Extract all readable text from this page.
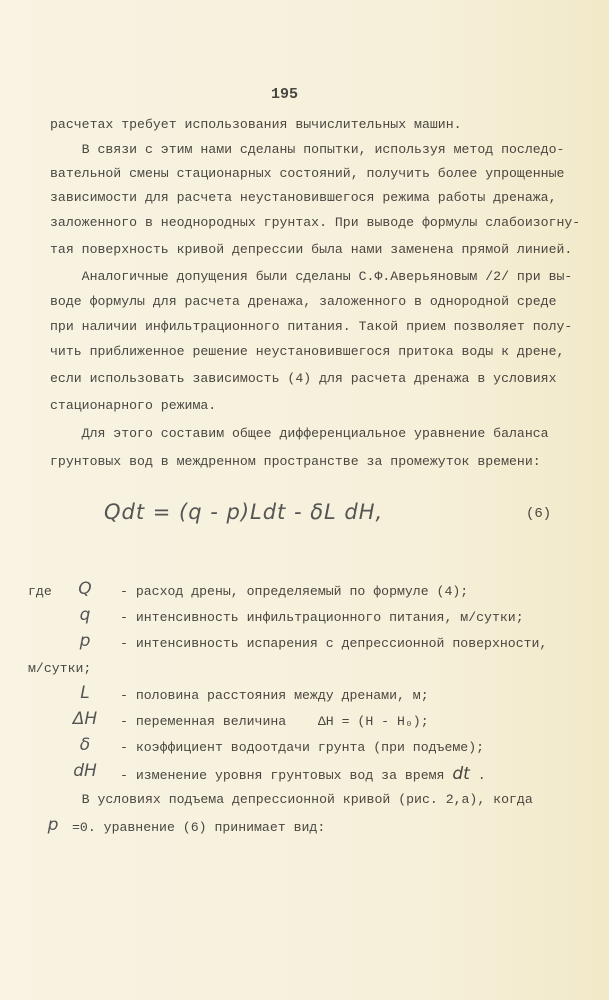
195
расчетах требует использования вычислительных машин.
В связи с этим нами сделаны попытки, используя метод последо-
вательной смены стационарных состояний, получить более упрощенные
зависимости для расчета неустановившегося режима работы дренажа,
заложенного в неоднородных грунтах. При выводе формулы слабоизогну-
тая поверхность кривой депрессии была нами заменена прямой линией.
Аналогичные допущения были сделаны С.Ф.Аверьяновым /2/ при вы-
воде формулы для расчета дренажа, заложенного в однородной среде
при наличии инфильтрационного питания. Такой прием позволяет полу-
чить приближенное решение неустановившегося притока воды к дрене,
если использовать зависимость (4) для расчета дренажа в условиях
стационарного режима.
Для этого составим общее дифференциальное уравнение баланса
грунтовых вод в междренном пространстве за промежуток времени:
Qdt = (q - p)Ldt - δL dH,	(6)
где	Q	- расход дрены, определяемый по формуле (4);
q	- интенсивность инфильтрационного питания, м/сутки;
p	- интенсивность испарения с депрессионной поверхности,
м/сутки;
L	- половина расстояния между дренами, м;
ΔH	- переменная величина    ΔH = (H - H₀);
δ	- коэффициент водоотдачи грунта (при подъеме);
dH	- изменение уровня грунтовых вод за время dt .
В условиях подъема депрессионной кривой (рис. 2,а), когда
p	=0. уравнение (6) принимает вид:
